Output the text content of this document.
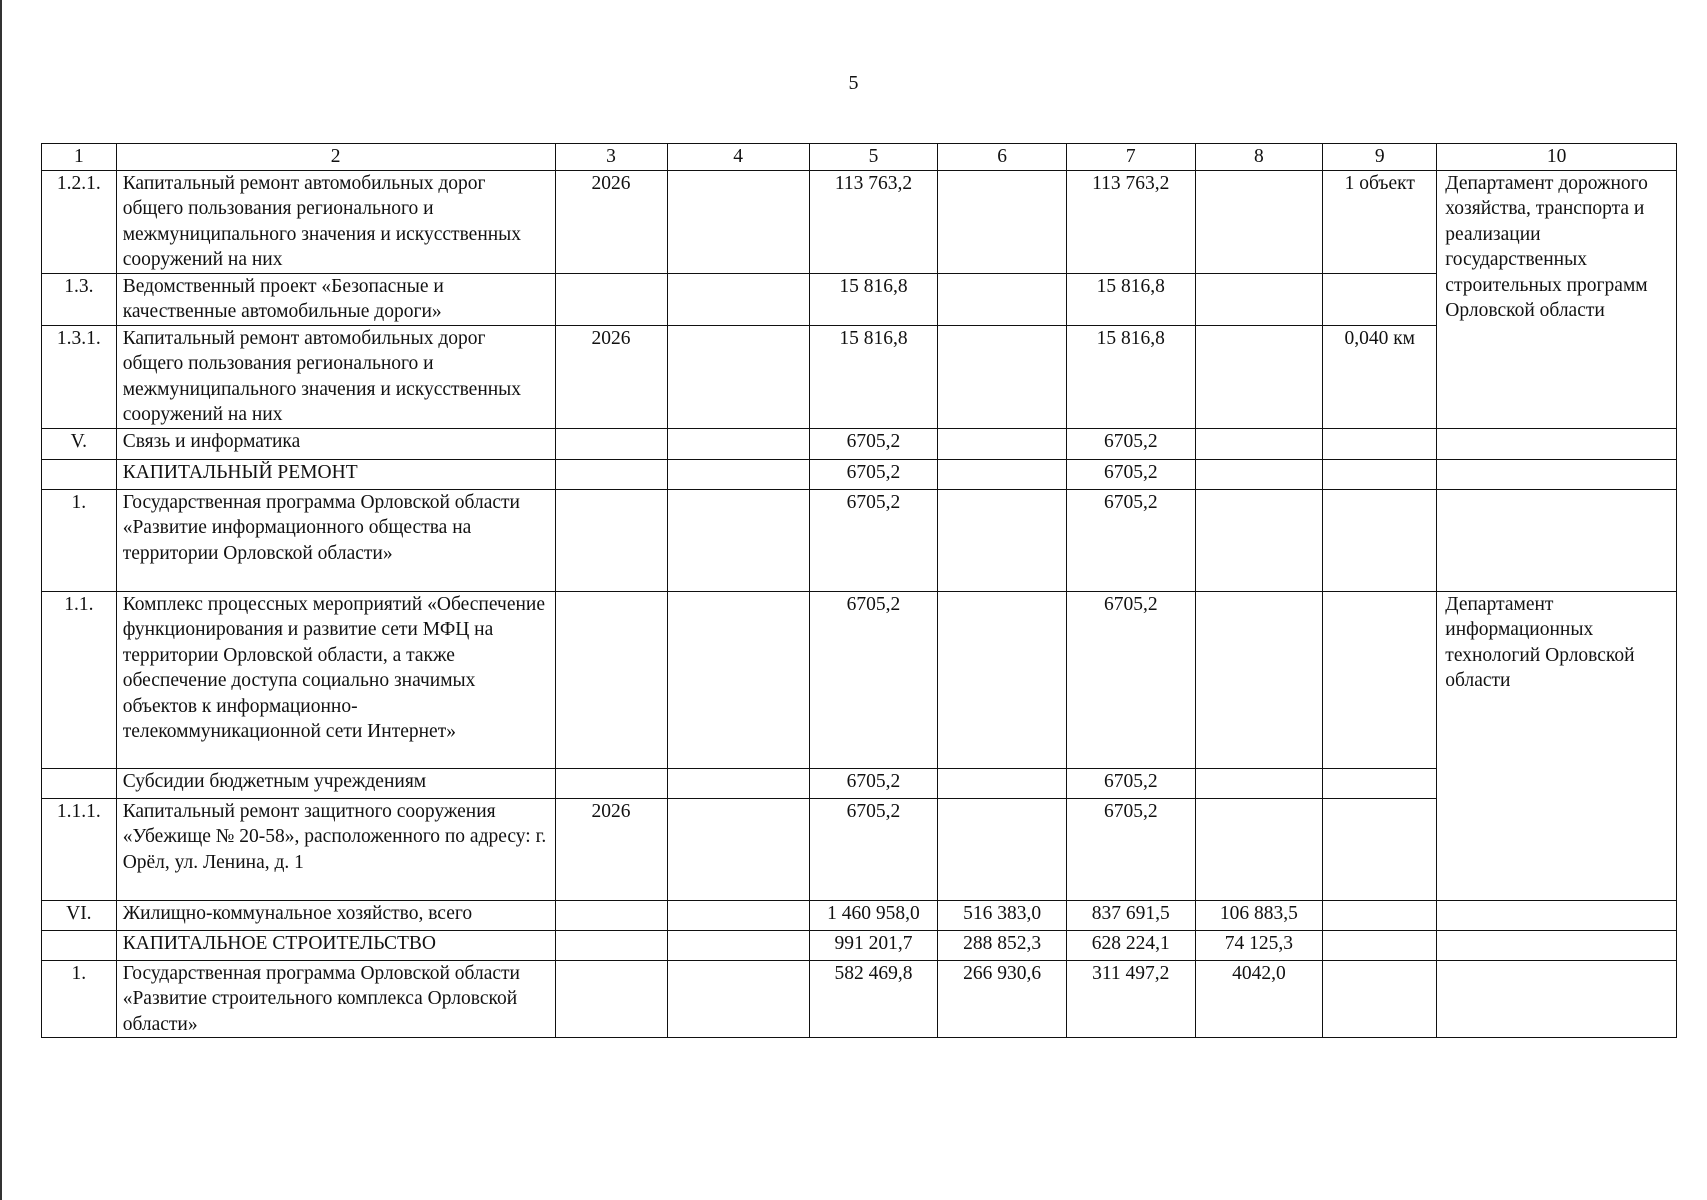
5
1	2	3	4	5	6	7	8	9	10
1.2.1.	Капитальный ремонт автомобильных дорог общего пользования регионального и межмуниципального значения и искусственных сооружений на них	2026		113 763,2		113 763,2		1 объект	Департамент дорожного хозяйства, транспорта и реализации государственных строительных программ Орловской области
1.3.	Ведомственный проект «Безопасные и качественные автомобильные дороги»			15 816,8		15 816,8			
1.3.1.	Капитальный ремонт автомобильных дорог общего пользования регионального и межмуниципального значения и искусственных сооружений на них	2026		15 816,8		15 816,8		0,040 км	
V.	Связь и информатика			6705,2		6705,2			
	КАПИТАЛЬНЫЙ РЕМОНТ			6705,2		6705,2			
1.	Государственная программа Орловской области «Развитие информационного общества на территории Орловской области»			6705,2		6705,2			
1.1.	Комплекс процессных мероприятий «Обеспечение функционирования и развитие сети МФЦ на территории Орловской области, а также обеспечение доступа социально значимых объектов к информационно-телекоммуникационной сети Интернет»			6705,2		6705,2			Департамент информационных технологий Орловской области
	Субсидии бюджетным учреждениям			6705,2		6705,2			
1.1.1.	Капитальный ремонт защитного сооружения «Убежище № 20-58», расположенного по адресу: г. Орёл, ул. Ленина, д. 1	2026		6705,2		6705,2			
VI.	Жилищно-коммунальное хозяйство, всего			1 460 958,0	516 383,0	837 691,5	106 883,5		
	КАПИТАЛЬНОЕ СТРОИТЕЛЬСТВО			991 201,7	288 852,3	628 224,1	74 125,3		
1.	Государственная программа Орловской области «Развитие строительного комплекса Орловской области»			582 469,8	266 930,6	311 497,2	4042,0		
